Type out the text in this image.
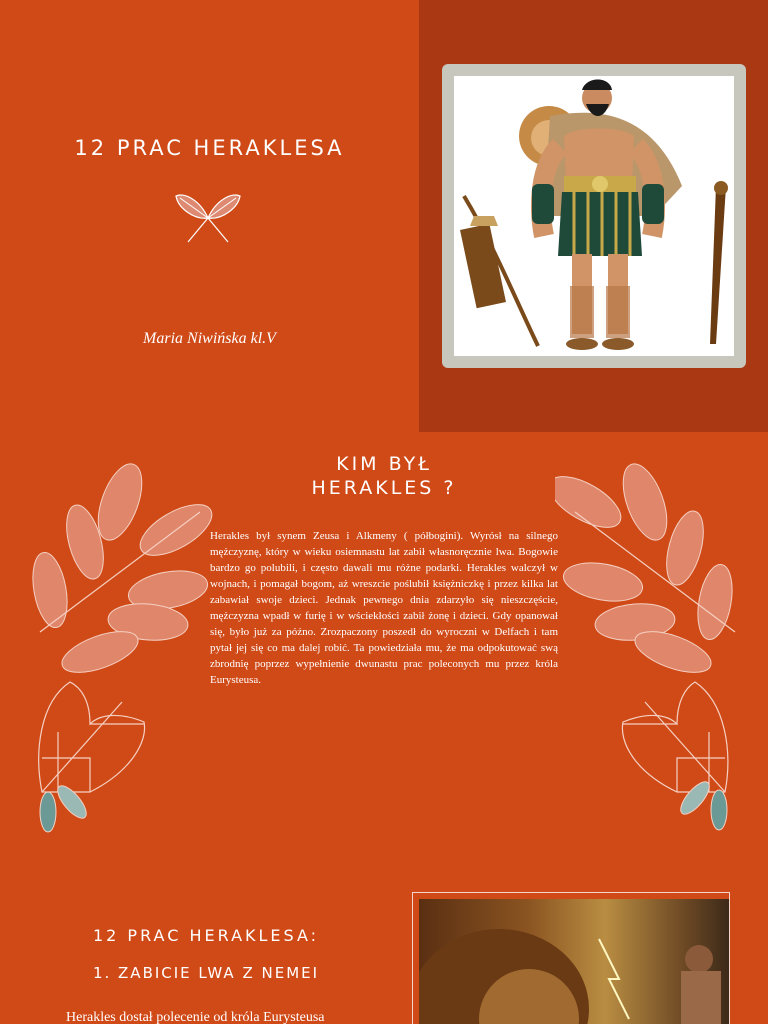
12 PRAC HERAKLESA
Maria Niwińska kl.V
KIM BYŁ
HERAKLES ?

Herakles był synem Zeusa i Alkmeny ( półbogini). Wyrósł na silnego mężczyznę, który w wieku osiemnastu lat zabił własnoręcznie lwa. Bogowie bardzo go polubili, i często dawali mu różne podarki. Herakles walczył w wojnach, i pomagał bogom, aż wreszcie poślubił księżniczkę i przez kilka lat zabawiał swoje dzieci. Jednak pewnego dnia zdarzyło się nieszczęście, mężczyzna wpadł w furię i w wściekłości zabił żonę i dzieci. Gdy opanował się, było już za późno. Zrozpaczony poszedł do wyroczni w Delfach i tam pytał jej się co ma dalej robić. Ta powiedziała mu, że ma odpokutować swą zbrodnię poprzez wypełnienie dwunastu prac poleconych mu przez króla Eurysteusa.

12 PRAC HERAKLESA:
1. ZABICIE LWA Z NEMEI

Herakles dostał polecenie od króla Eurysteusa
